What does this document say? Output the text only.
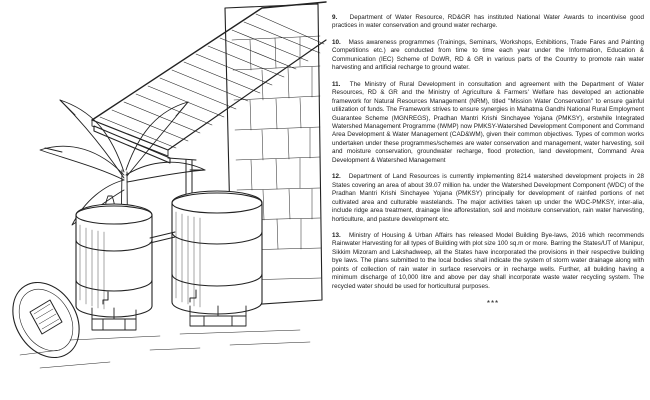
9. Department of Water Resource, RD&GR has instituted National Water Awards to incentivise good practices in water conservation and ground water recharge.

10. Mass awareness programmes (Trainings, Seminars, Workshops, Exhibitions, Trade Fares and Painting Competitions etc.) are conducted from time to time each year under the Information, Education & Communication (IEC) Scheme of DoWR, RD & GR in various parts of the Country to promote rain water harvesting and artificial recharge to ground water.

11. The Ministry of Rural Development in consultation and agreement with the Department of Water Resources, RD & GR and the Ministry of Agriculture & Farmers' Welfare has developed an actionable framework for Natural Resources Management (NRM), titled "Mission Water Conservation" to ensure gainful utilization of funds. The Framework strives to ensure synergies in Mahatma Gandhi National Rural Employment Guarantee Scheme (MGNREGS), Pradhan Mantri Krishi Sinchayee Yojana (PMKSY), erstwhile Integrated Watershed Management Programme (IWMP) now PMKSY-Watershed Development Component and Command Area Development & Water Management (CAD&WM), given their common objectives. Types of common works undertaken under these programmes/schemes are water conservation and management, water harvesting, soil and moisture conservation, groundwater recharge, flood protection, land development, Command Area Development & Watershed Management

12. Department of Land Resources is currently implementing 8214 watershed development projects in 28 States covering an area of about 39.07 million ha. under the Watershed Development Component (WDC) of the Pradhan Mantri Krishi Sinchayee Yojana (PMKSY) principally for development of rainfed portions of net cultivated area and culturable wastelands. The major activities taken up under the WDC-PMKSY, inter-alia, include ridge area treatment, drainage line afforestation, soil and moisture conservation, rain water harvesting, horticulture, and pasture development etc.

13. Ministry of Housing & Urban Affairs has released Model Building Bye-laws, 2016 which recommends Rainwater Harvesting for all types of Building with plot size 100 sq.m or more. Barring the States/UT of Manipur, Sikkim Mizoram and Lakshadweep, all the States have incorporated the provisions in their respective building bye laws. The plans submitted to the local bodies shall indicate the system of storm water drainage along with points of collection of rain water in surface reservoirs or in recharge wells. Further, all building having a minimum discharge of 10,000 litre and above per day shall incorporate waste water recycling system. The recycled water should be used for horticultural purposes.

***
